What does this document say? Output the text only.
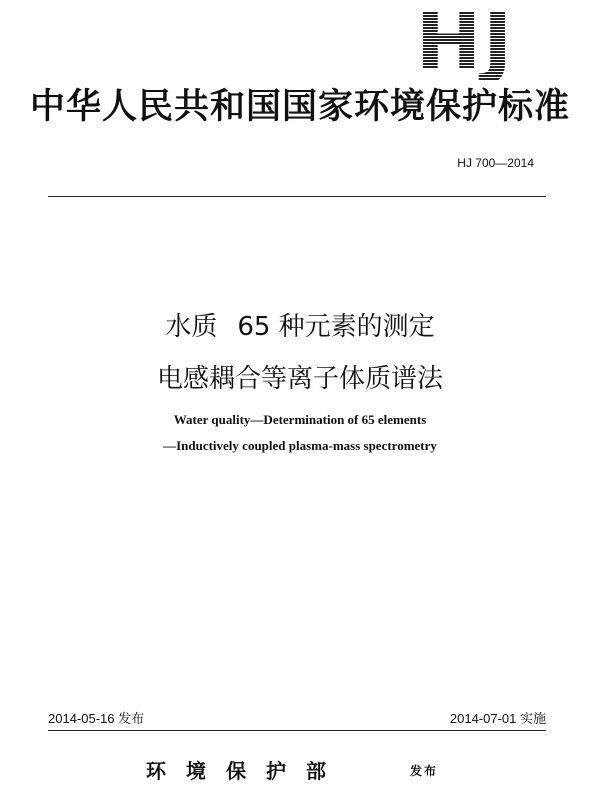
HJ
中华人民共和国国家环境保护标准
HJ 700—2014
水质 65 种元素的测定
电感耦合等离子体质谱法
Water quality—Determination of 65 elements
—Inductively coupled plasma-mass spectrometry
2014-05-16 发布	2014-07-01 实施
环境保护部	发布
